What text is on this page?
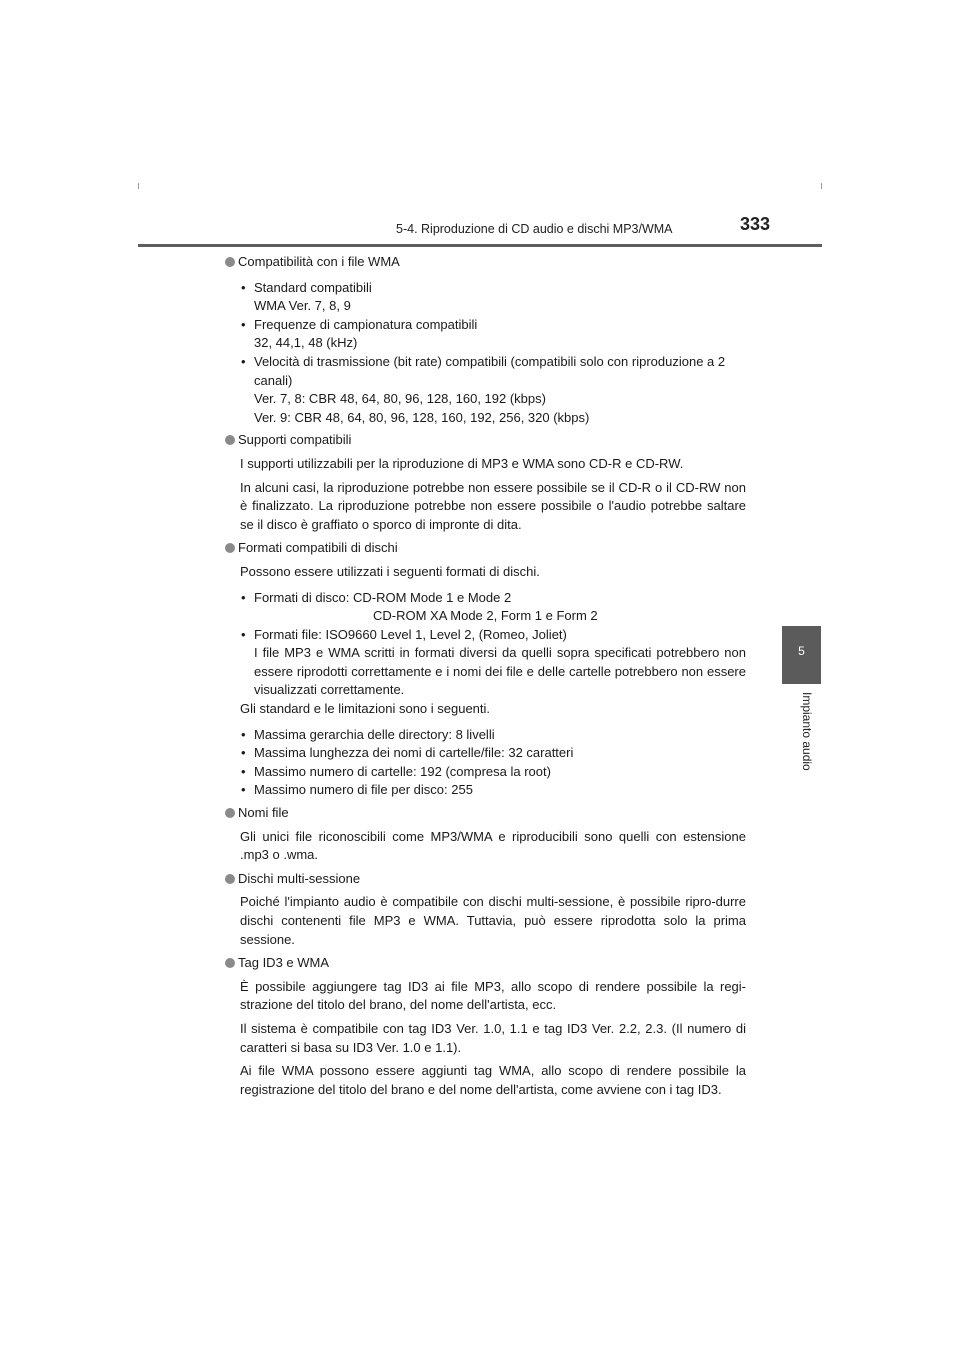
5-4. Riproduzione di CD audio e dischi MP3/WMA	333
5
Impianto audio
Compatibilità con i file WMA
• Standard compatibili
WMA Ver. 7, 8, 9
• Frequenze di campionatura compatibili
32, 44,1, 48 (kHz)
• Velocità di trasmissione (bit rate) compatibili (compatibili solo con riproduzione a 2 canali)
Ver. 7, 8: CBR 48, 64, 80, 96, 128, 160, 192 (kbps)
Ver. 9: CBR 48, 64, 80, 96, 128, 160, 192, 256, 320 (kbps)
Supporti compatibili
I supporti utilizzabili per la riproduzione di MP3 e WMA sono CD-R e CD-RW.
In alcuni casi, la riproduzione potrebbe non essere possibile se il CD-R o il CD-RW non è finalizzato. La riproduzione potrebbe non essere possibile o l'audio potrebbe saltare se il disco è graffiato o sporco di impronte di dita.
Formati compatibili di dischi
Possono essere utilizzati i seguenti formati di dischi.
• Formati di disco: CD-ROM Mode 1 e Mode 2
CD-ROM XA Mode 2, Form 1 e Form 2
• Formati file: ISO9660 Level 1, Level 2, (Romeo, Joliet)
I file MP3 e WMA scritti in formati diversi da quelli sopra specificati potrebbero non essere riprodotti correttamente e i nomi dei file e delle cartelle potrebbero non essere visualizzati correttamente.
Gli standard e le limitazioni sono i seguenti.
• Massima gerarchia delle directory: 8 livelli
• Massima lunghezza dei nomi di cartelle/file: 32 caratteri
• Massimo numero di cartelle: 192 (compresa la root)
• Massimo numero di file per disco: 255
Nomi file
Gli unici file riconoscibili come MP3/WMA e riproducibili sono quelli con estensione .mp3 o .wma.
Dischi multi-sessione
Poiché l'impianto audio è compatibile con dischi multi-sessione, è possibile ripro-durre dischi contenenti file MP3 e WMA. Tuttavia, può essere riprodotta solo la prima sessione.
Tag ID3 e WMA
È possibile aggiungere tag ID3 ai file MP3, allo scopo di rendere possibile la regi-strazione del titolo del brano, del nome dell'artista, ecc.
Il sistema è compatibile con tag ID3 Ver. 1.0, 1.1 e tag ID3 Ver. 2.2, 2.3. (Il numero di caratteri si basa su ID3 Ver. 1.0 e 1.1).
Ai file WMA possono essere aggiunti tag WMA, allo scopo di rendere possibile la registrazione del titolo del brano e del nome dell'artista, come avviene con i tag ID3.
